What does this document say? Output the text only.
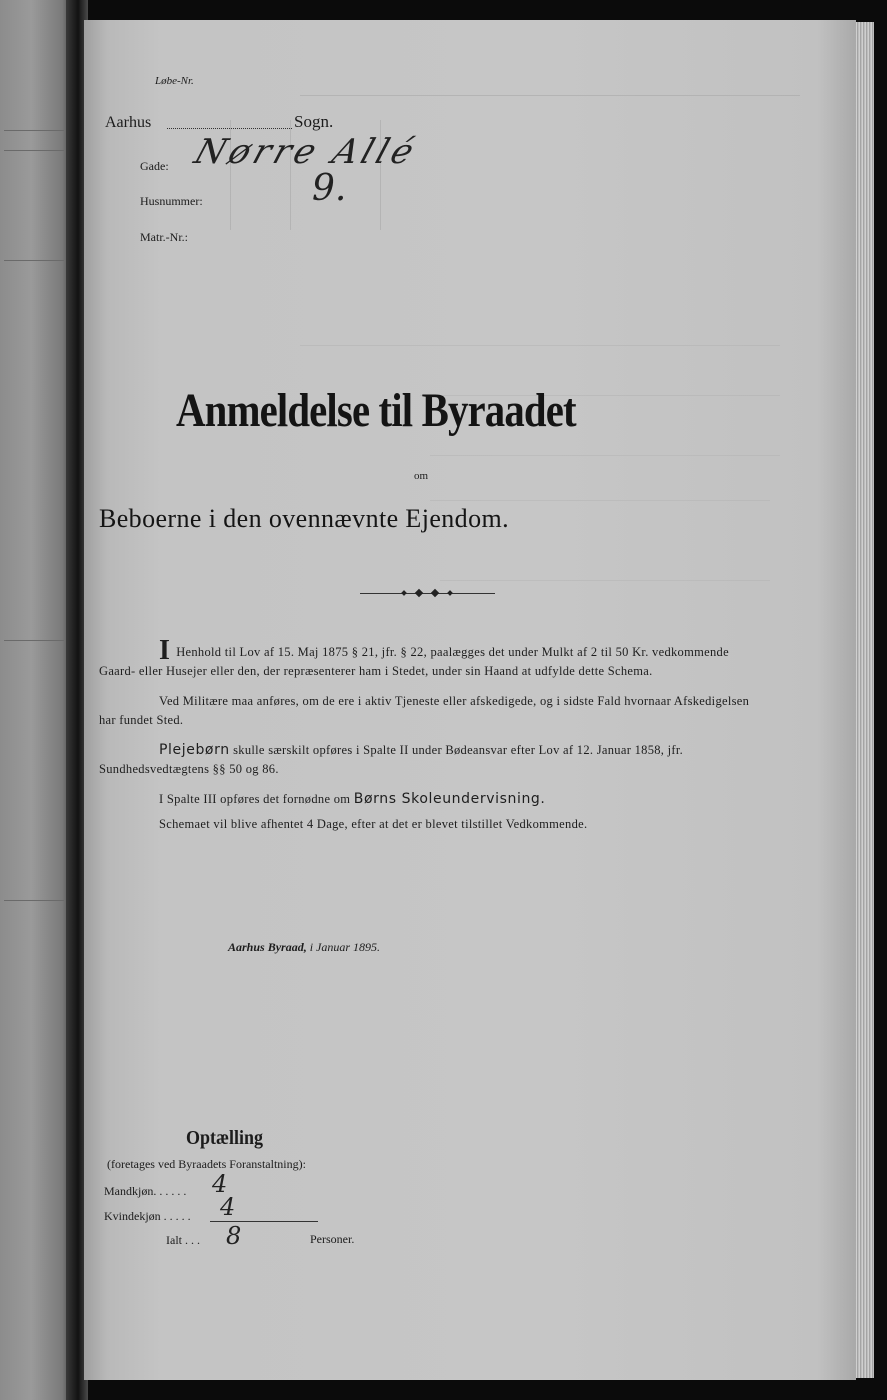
Løbe-Nr.
Aarhus	Sogn.
Gade: Nørre Allé
Husnummer:	9.
Matr.-Nr.:
Anmeldelse til Byraadet
om
Beboerne i den ovennævnte Ejendom.

I Henhold til Lov af 15. Maj 1875 § 21, jfr. § 22, paalægges det under Mulkt af 2 til 50 Kr. vedkommende Gaard- eller Husejer eller den, der repræsenterer ham i Stedet, under sin Haand at udfylde dette Schema.

Ved Militære maa anføres, om de ere i aktiv Tjeneste eller afskedigede, og i sidste Fald hvornaar Afskedigelsen har fundet Sted.

Plejebørn skulle særskilt opføres i Spalte II under Bødeansvar efter Lov af 12. Januar 1858, jfr. Sundhedsvedtægtens §§ 50 og 86.

I Spalte III opføres det fornødne om Børns Skoleundervisning.

Schemaet vil blive afhentet 4 Dage, efter at det er blevet tilstillet Vedkommende.

Aarhus Byraad, i Januar 1895.
Optælling
(foretages ved Byraadets Foranstaltning):
Mandkjøn. . . . . . 4
Kvindekjøn . . . . . 4
Ialt . . . 8	Personer.
